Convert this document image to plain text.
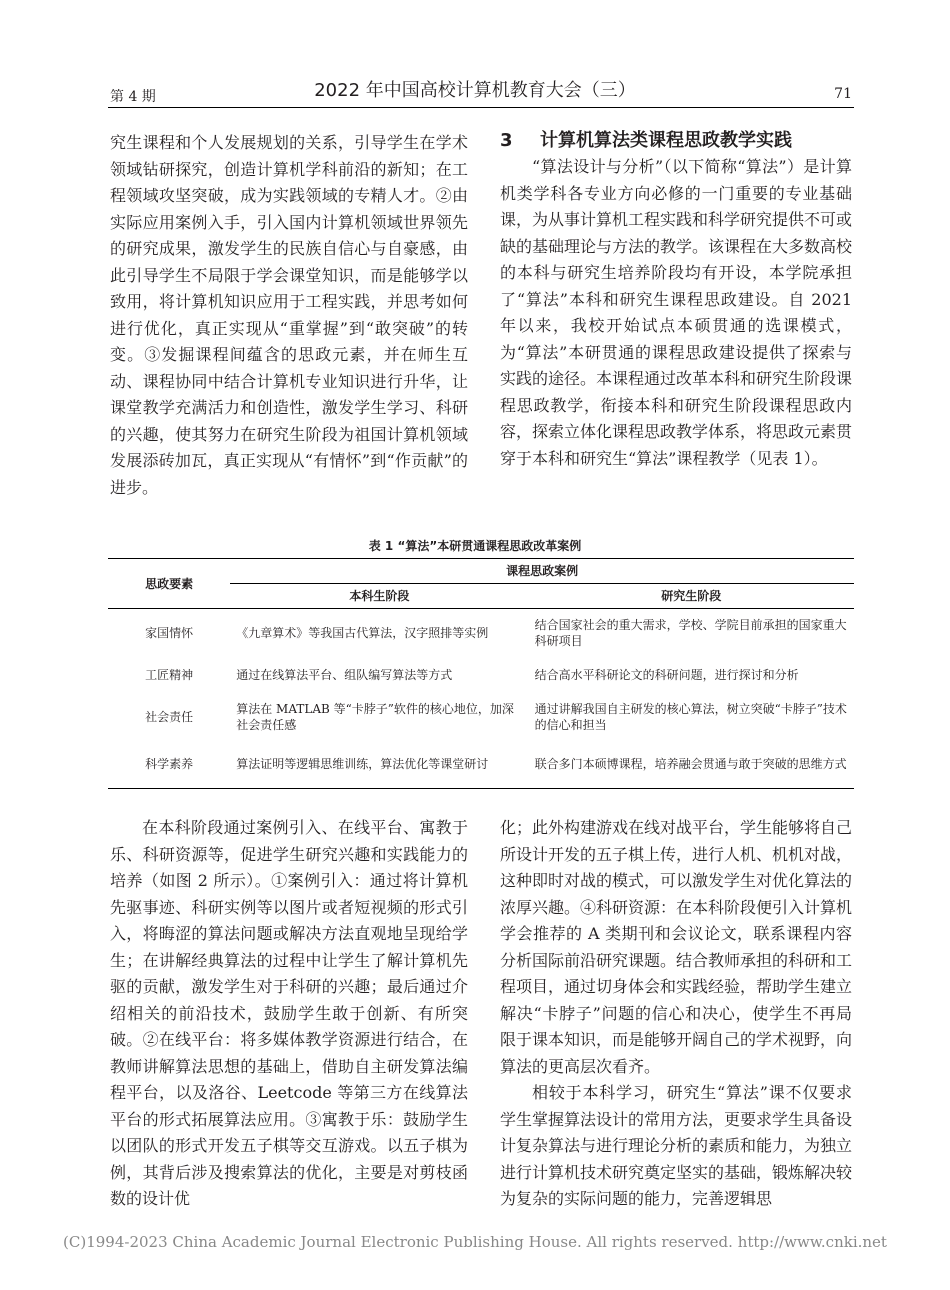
第 4 期	2022 年中国高校计算机教育大会（三）	71

究生课程和个人发展规划的关系，引导学生在学术领域钻研探究，创造计算机学科前沿的新知；在工程领域攻坚突破，成为实践领域的专精人才。②由实际应用案例入手，引入国内计算机领域世界领先的研究成果，激发学生的民族自信心与自豪感，由此引导学生不局限于学会课堂知识，而是能够学以致用，将计算机知识应用于工程实践，并思考如何进行优化，真正实现从“重掌握”到“敢突破”的转变。③发掘课程间蕴含的思政元素，并在师生互动、课程协同中结合计算机专业知识进行升华，让课堂教学充满活力和创造性，激发学生学习、科研的兴趣，使其努力在研究生阶段为祖国计算机领域发展添砖加瓦，真正实现从“有情怀”到“作贡献”的进步。

3 计算机算法类课程思政教学实践

“算法设计与分析”（以下简称“算法”）是计算机类学科各专业方向必修的一门重要的专业基础课，为从事计算机工程实践和科学研究提供不可或缺的基础理论与方法的教学。该课程在大多数高校的本科与研究生培养阶段均有开设，本学院承担了“算法”本科和研究生课程思政建设。自 2021 年以来，我校开始试点本硕贯通的选课模式，为“算法”本研贯通的课程思政建设提供了探索与实践的途径。本课程通过改革本科和研究生阶段课程思政教学，衔接本科和研究生阶段课程思政内容，探索立体化课程思政教学体系，将思政元素贯穿于本科和研究生“算法”课程教学（见表 1）。

表 1 “算法”本研贯通课程思政改革案例
思政要素	课程思政案例	
	本科生阶段	研究生阶段
家国情怀	《九章算术》等我国古代算法，汉字照排等实例	结合国家社会的重大需求，学校、学院目前承担的国家重大科研项目
工匠精神	通过在线算法平台、组队编写算法等方式	结合高水平科研论文的科研问题，进行探讨和分析
社会责任	算法在 MATLAB 等“卡脖子”软件的核心地位，加深社会责任感	通过讲解我国自主研发的核心算法，树立突破“卡脖子”技术的信心和担当
科学素养	算法证明等逻辑思维训练，算法优化等课堂研讨	联合多门本硕博课程，培养融会贯通与敢于突破的思维方式

在本科阶段通过案例引入、在线平台、寓教于乐、科研资源等，促进学生研究兴趣和实践能力的培养（如图 2 所示）。①案例引入：通过将计算机先驱事迹、科研实例等以图片或者短视频的形式引入，将晦涩的算法问题或解决方法直观地呈现给学生；在讲解经典算法的过程中让学生了解计算机先驱的贡献，激发学生对于科研的兴趣；最后通过介绍相关的前沿技术，鼓励学生敢于创新、有所突破。②在线平台：将多媒体教学资源进行结合，在教师讲解算法思想的基础上，借助自主研发算法编程平台，以及洛谷、Leetcode 等第三方在线算法平台的形式拓展算法应用。③寓教于乐：鼓励学生以团队的形式开发五子棋等交互游戏。以五子棋为例，其背后涉及搜索算法的优化，主要是对剪枝函数的设计优

化；此外构建游戏在线对战平台，学生能够将自己所设计开发的五子棋上传，进行人机、机机对战，这种即时对战的模式，可以激发学生对优化算法的浓厚兴趣。④科研资源：在本科阶段便引入计算机学会推荐的 A 类期刊和会议论文，联系课程内容分析国际前沿研究课题。结合教师承担的科研和工程项目，通过切身体会和实践经验，帮助学生建立解决“卡脖子”问题的信心和决心，使学生不再局限于课本知识，而是能够开阔自己的学术视野，向算法的更高层次看齐。

相较于本科学习，研究生“算法”课不仅要求学生掌握算法设计的常用方法，更要求学生具备设计复杂算法与进行理论分析的素质和能力，为独立进行计算机技术研究奠定坚实的基础，锻炼解决较为复杂的实际问题的能力，完善逻辑思

(C)1994-2023 China Academic Journal Electronic Publishing House. All rights reserved. http://www.cnki.net
